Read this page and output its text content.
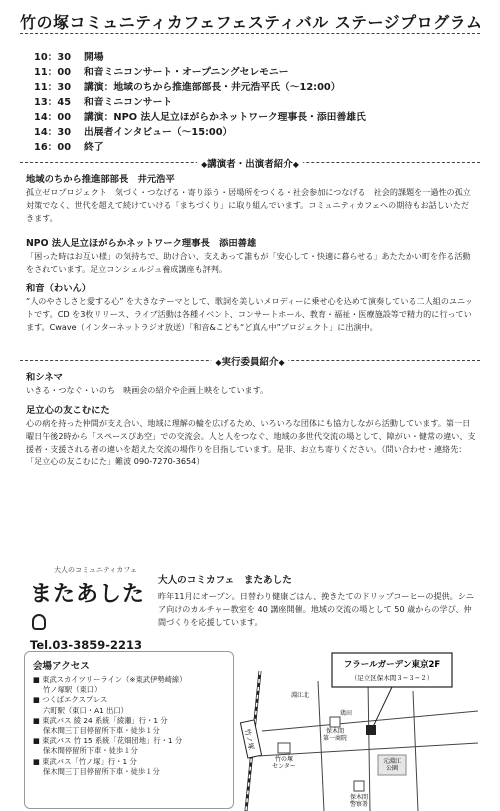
竹の塚コミュニティカフェフェスティバル ステージプログラム
10：30	開場
11：00	和音ミニコンサート・オープニングセレモニー
11：30	講演：地域のちから推進部部長・井元浩平氏（〜12:00）
13：45	和音ミニコンサート
14：00	講演：NPO 法人足立ほがらかネットワーク理事長・添田善雄氏
14：30	出展者インタビュー（〜15:00）
16：00	終了
◆講演者・出演者紹介◆
地域のちから推進部部長　井元浩平
孤立ゼロプロジェクト　気づく・つなげる・寄り添う・居場所をつくる・社会参加につなげる　社会的課題を一過性の孤立対策でなく、世代を超えて続けていける「まちづくり」に取り組んでいます。コミュニティカフェへの期待もお話しいただきます。
NPO 法人足立ほがらかネットワーク理事長　添田善雄
「困った時はお互い様」の気持ちで、助け合い、支えあって誰もが「安心して・快適に暮らせる」あたたかい町を作る活動をされています。足立コンシェルジュ養成講座も評判。
和音（わいん）
“人のやさしさと愛する心” を大きなテーマとして、歌詞を美しいメロディーに乗せ心を込めて演奏している二人組のユニットです。CD を3枚リリース、ライブ活動は各種イベント、コンサートホール、教育・福祉・医療施設等で精力的に行っています。Cwave（インターネットラジオ放送）「和音&こども“ど真ん中”プロジェクト」に出演中。
◆実行委員紹介◆
和シネマ
いきる・つなぐ・いのち　映画会の紹介や企画上映をしています。
足立心の友こむにた
心の病を持った仲間が支え合い、地域に理解の輪を広げるため、いろいろな団体にも協力しながら活動しています。第一日曜日午後2時から「スペースぴあ空」での交流会。人と人をつなぐ、地域の多世代交流の場として、障がい・健常の違い、支援者・支援される者の違いを超えた交流の場作りを目指しています。是非、お立ち寄りください。（問い合わせ・連絡先：「足立心の友こむにた」難波 090-7270-3654）
大人のコミュニティカフェ
またあした
Tel.03-3859-2213
大人のコミカフェ　またあした
昨年11月にオープン。日替わり健康ごはん、挽きたてのドリップコーヒーの提供。シニア向けのカルチャー教室を 40 講座開催。地域の交流の場として 50 歳からの学び、仲間づくりを応援しています。
会場アクセス
■ 東武スカイツリーライン（※東武伊勢崎線）
竹ノ塚駅（東口）
■ つくばエクスプレス
六町駅（東口・A1 出口）
■ 東武バス 綾 24 系統「綾瀬」行・1 分
保木間三丁目停留所下車・徒歩１分
■ 東武バス 竹 15 系統「花畑団地」行・1 分
保木間停留所下車・徒歩１分
■ 東武バス「竹ノ塚」行・1 分
保木間三丁目停留所下車・徒歩１分
竹ノ塚
フラールガーデン東京2F
（足立区保木間３−３−２）
保木間第一商院
竹の塚センター
鶏田
元淵江公園
保木間警察署
淵江北
